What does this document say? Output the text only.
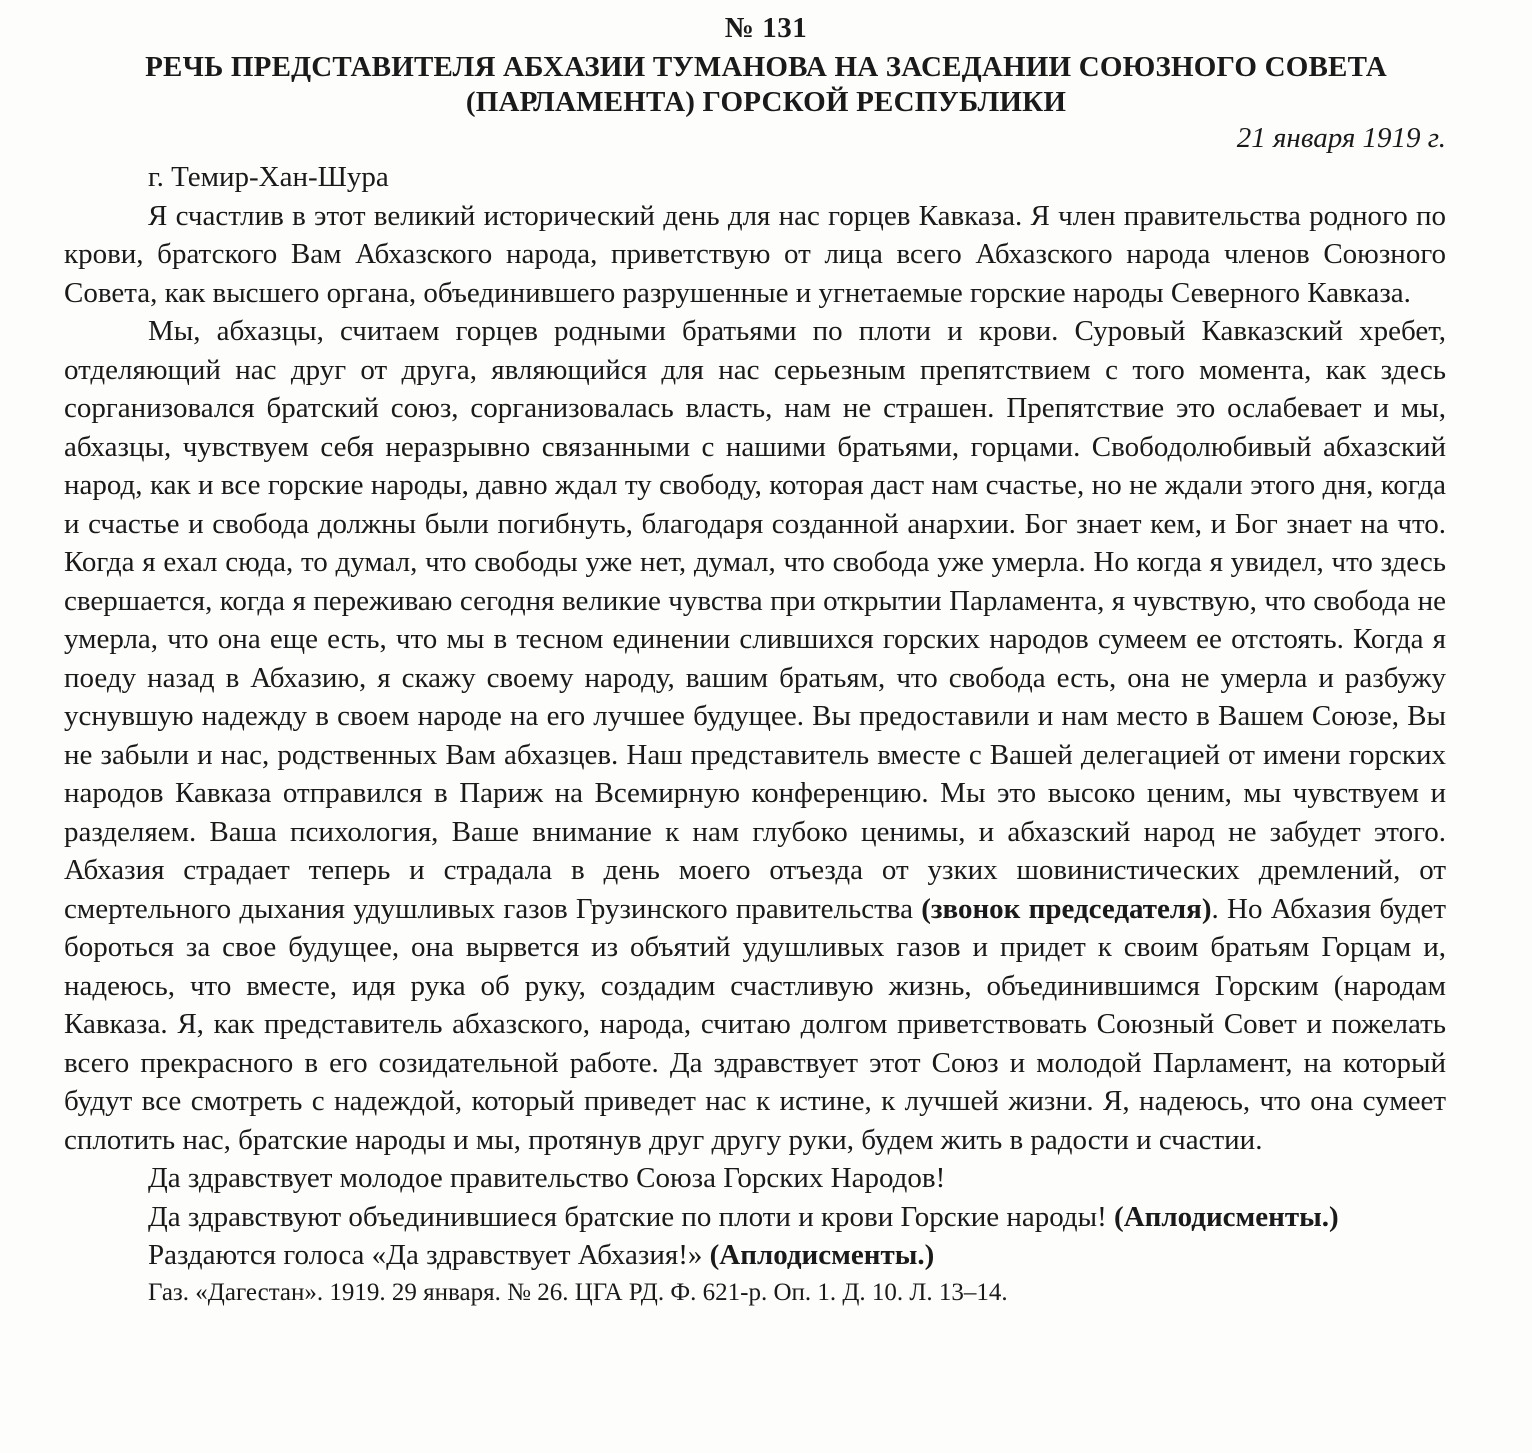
№ 131
РЕЧЬ ПРЕДСТАВИТЕЛЯ АБХАЗИИ ТУМАНОВА НА ЗАСЕДАНИИ СОЮЗНОГО СОВЕТА (ПАРЛАМЕНТА) ГОРСКОЙ РЕСПУБЛИКИ
21 января 1919 г.

г. Темир-Хан-Шура

Я счастлив в этот великий исторический день для нас горцев Кавказа. Я член правительства родного по крови, братского Вам Абхазского народа, приветствую от лица всего Абхазского народа членов Союзного Совета, как высшего органа, объединившего разрушенные и угнетаемые горские народы Северного Кавказа.

Мы, абхазцы, считаем горцев родными братьями по плоти и крови. Суровый Кавказский хребет, отделяющий нас друг от друга, являющийся для нас серьезным препятствием с того момента, как здесь сорганизовался братский союз, сорганизовалась власть, нам не страшен. Препятствие это ослабевает и мы, абхазцы, чувствуем себя неразрывно связанными с нашими братьями, горцами. Свободолюбивый абхазский народ, как и все горские народы, давно ждал ту свободу, которая даст нам счастье, но не ждали этого дня, когда и счастье и свобода должны были погибнуть, благодаря созданной анархии. Бог знает кем, и Бог знает на что. Когда я ехал сюда, то думал, что свободы уже нет, думал, что свобода уже умерла. Но когда я увидел, что здесь свершается, когда я переживаю сегодня великие чувства при открытии Парламента, я чувствую, что свобода не умерла, что она еще есть, что мы в тесном единении слившихся горских народов сумеем ее отстоять. Когда я поеду назад в Абхазию, я скажу своему народу, вашим братьям, что свобода есть, она не умерла и разбужу уснувшую надежду в своем народе на его лучшее будущее. Вы предоставили и нам место в Вашем Союзе, Вы не забыли и нас, родственных Вам абхазцев. Наш представитель вместе с Вашей делегацией от имени горских народов Кавказа отправился в Париж на Всемирную конференцию. Мы это высоко ценим, мы чувствуем и разделяем. Ваша психология, Ваше внимание к нам глубоко ценимы, и абхазский народ не забудет этого. Абхазия страдает теперь и страдала в день моего отъезда от узких шовинистических дремлений, от смертельного дыхания удушливых газов Грузинского правительства (звонок председателя). Но Абхазия будет бороться за свое будущее, она вырвется из объятий удушливых газов и придет к своим братьям Горцам и, надеюсь, что вместе, идя рука об руку, создадим счастливую жизнь, объединившимся Горским (народам Кавказа. Я, как представитель абхазского, народа, считаю долгом приветствовать Союзный Совет и пожелать всего прекрасного в его созидательной работе. Да здравствует этот Союз и молодой Парламент, на который будут все смотреть с надеждой, который приведет нас к истине, к лучшей жизни. Я, надеюсь, что она сумеет сплотить нас, братские народы и мы, протянув друг другу руки, будем жить в радости и счастии.

Да здравствует молодое правительство Союза Горских Народов!

Да здравствуют объединившиеся братские по плоти и крови Горские народы! (Аплодисменты.)

Раздаются голоса «Да здравствует Абхазия!» (Аплодисменты.)

Газ. «Дагестан». 1919. 29 января. № 26. ЦГА РД. Ф. 621-р. Оп. 1. Д. 10. Л. 13–14.
